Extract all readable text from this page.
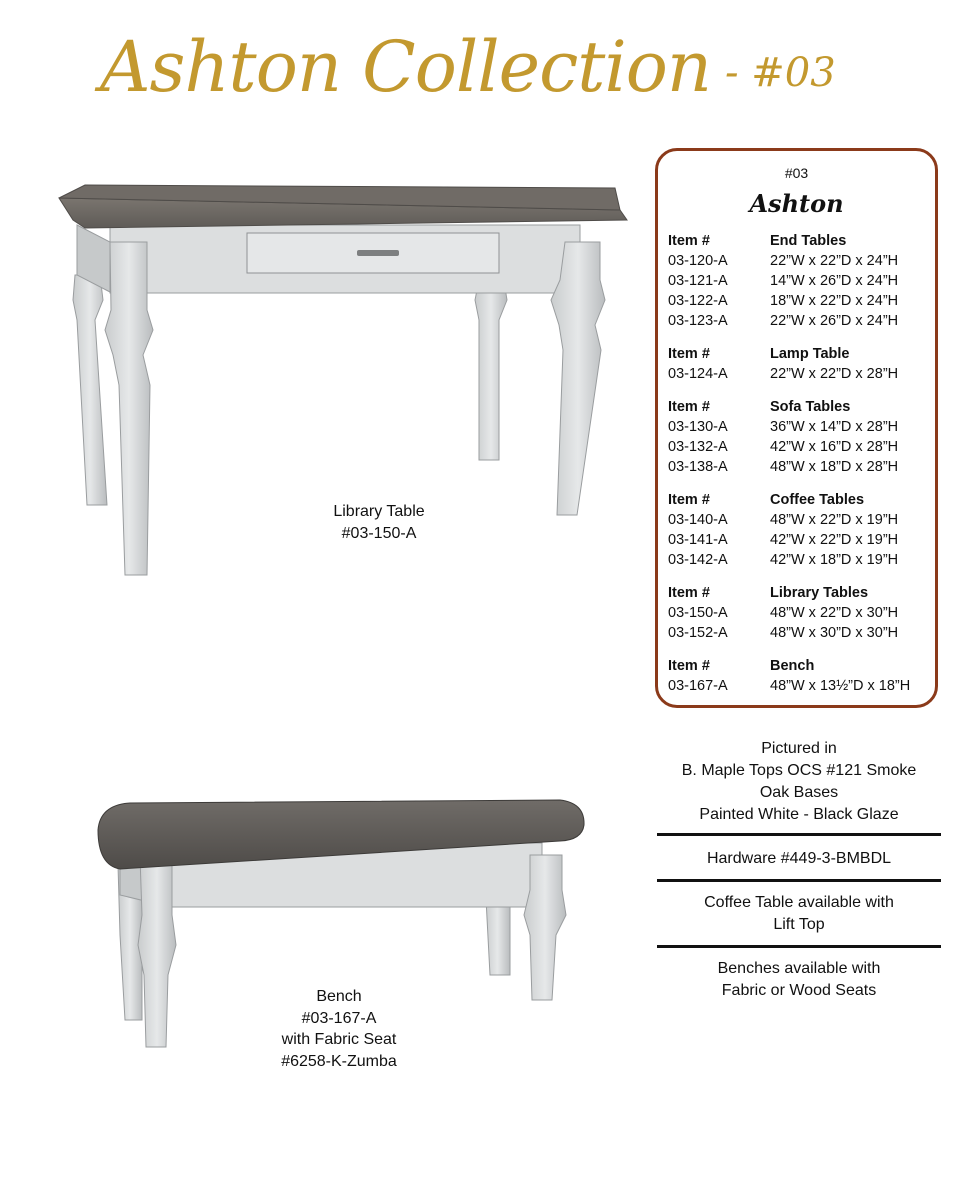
Ashton Collection - #03
Library Table
#03-150-A
Bench
#03-167-A
with Fabric Seat
#6258-K-Zumba
#03
Ashton
Item #	End Tables
03-120-A	22”W x 22”D x 24”H
03-121-A	14”W x 26”D x 24”H
03-122-A	18”W x 22”D x 24”H
03-123-A	22”W x 26”D x 24”H
Item #	Lamp Table
03-124-A	22”W x 22”D x 28”H
Item #	Sofa Tables
03-130-A	36”W x 14”D x 28”H
03-132-A	42”W x 16”D x 28”H
03-138-A	48”W x 18”D x 28”H
Item #	Coffee Tables
03-140-A	48”W x 22”D x 19”H
03-141-A	42”W x 22”D x 19”H
03-142-A	42”W x 18”D x 19”H
Item #	Library Tables
03-150-A	48”W x 22”D x 30”H
03-152-A	48”W x 30”D x 30”H
Item #	Bench
03-167-A	48”W x 13½”D x 18”H
Pictured in
B. Maple Tops OCS #121 Smoke
Oak Bases
Painted White - Black Glaze
Hardware #449-3-BMBDL
Coffee Table available with
Lift Top
Benches available with
Fabric or Wood Seats
